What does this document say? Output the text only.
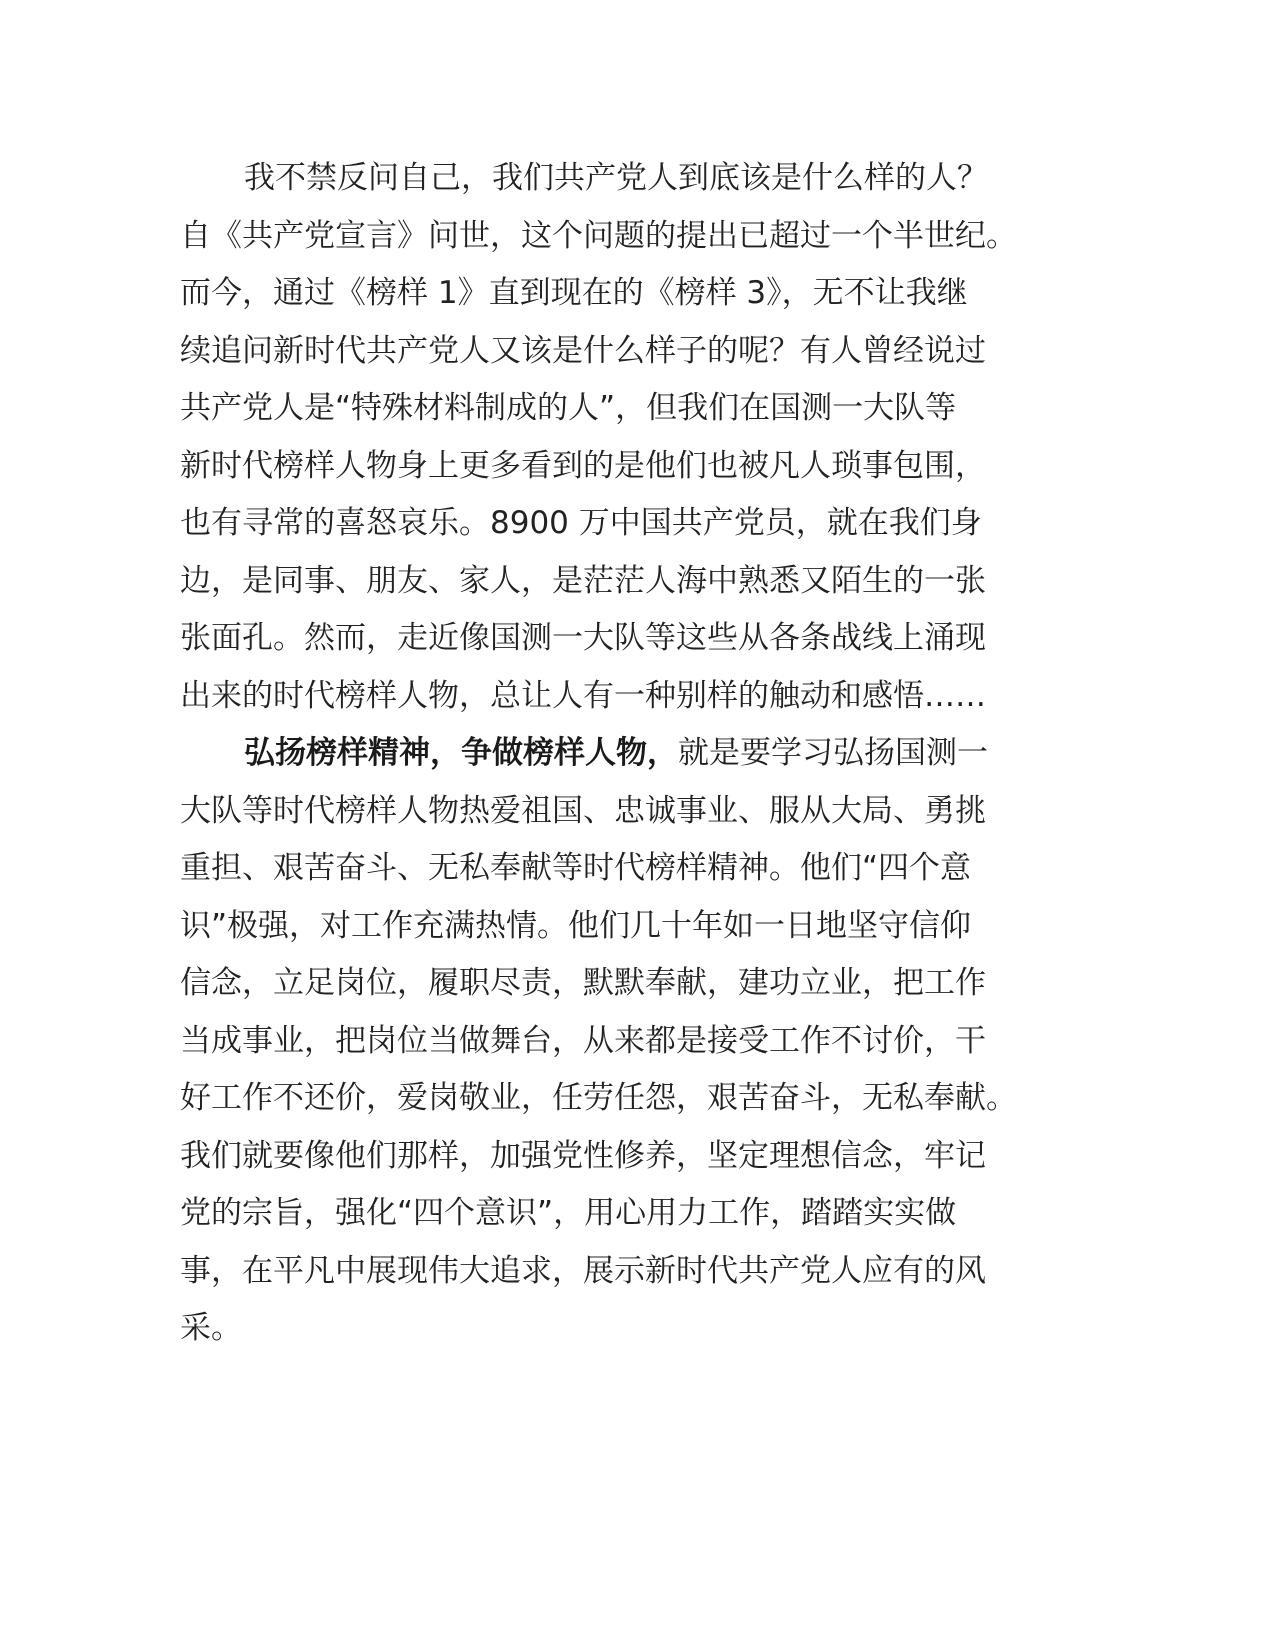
我不禁反问自己，我们共产党人到底该是什么样的人？
自《共产党宣言》问世，这个问题的提出已超过一个半世纪。
而今，通过《榜样 1》直到现在的《榜样 3》，无不让我继
续追问新时代共产党人又该是什么样子的呢？有人曾经说过
共产党人是“特殊材料制成的人”，但我们在国测一大队等
新时代榜样人物身上更多看到的是他们也被凡人琐事包围，
也有寻常的喜怒哀乐。8900 万中国共产党员，就在我们身
边，是同事、朋友、家人，是茫茫人海中熟悉又陌生的一张
张面孔。然而，走近像国测一大队等这些从各条战线上涌现
出来的时代榜样人物，总让人有一种别样的触动和感悟……
弘扬榜样精神，争做榜样人物，就是要学习弘扬国测一
大队等时代榜样人物热爱祖国、忠诚事业、服从大局、勇挑
重担、艰苦奋斗、无私奉献等时代榜样精神。他们“四个意
识”极强，对工作充满热情。他们几十年如一日地坚守信仰
信念，立足岗位，履职尽责，默默奉献，建功立业，把工作
当成事业，把岗位当做舞台，从来都是接受工作不讨价，干
好工作不还价，爱岗敬业，任劳任怨，艰苦奋斗，无私奉献。
我们就要像他们那样，加强党性修养，坚定理想信念，牢记
党的宗旨，强化“四个意识”，用心用力工作，踏踏实实做
事，在平凡中展现伟大追求，展示新时代共产党人应有的风
采。
